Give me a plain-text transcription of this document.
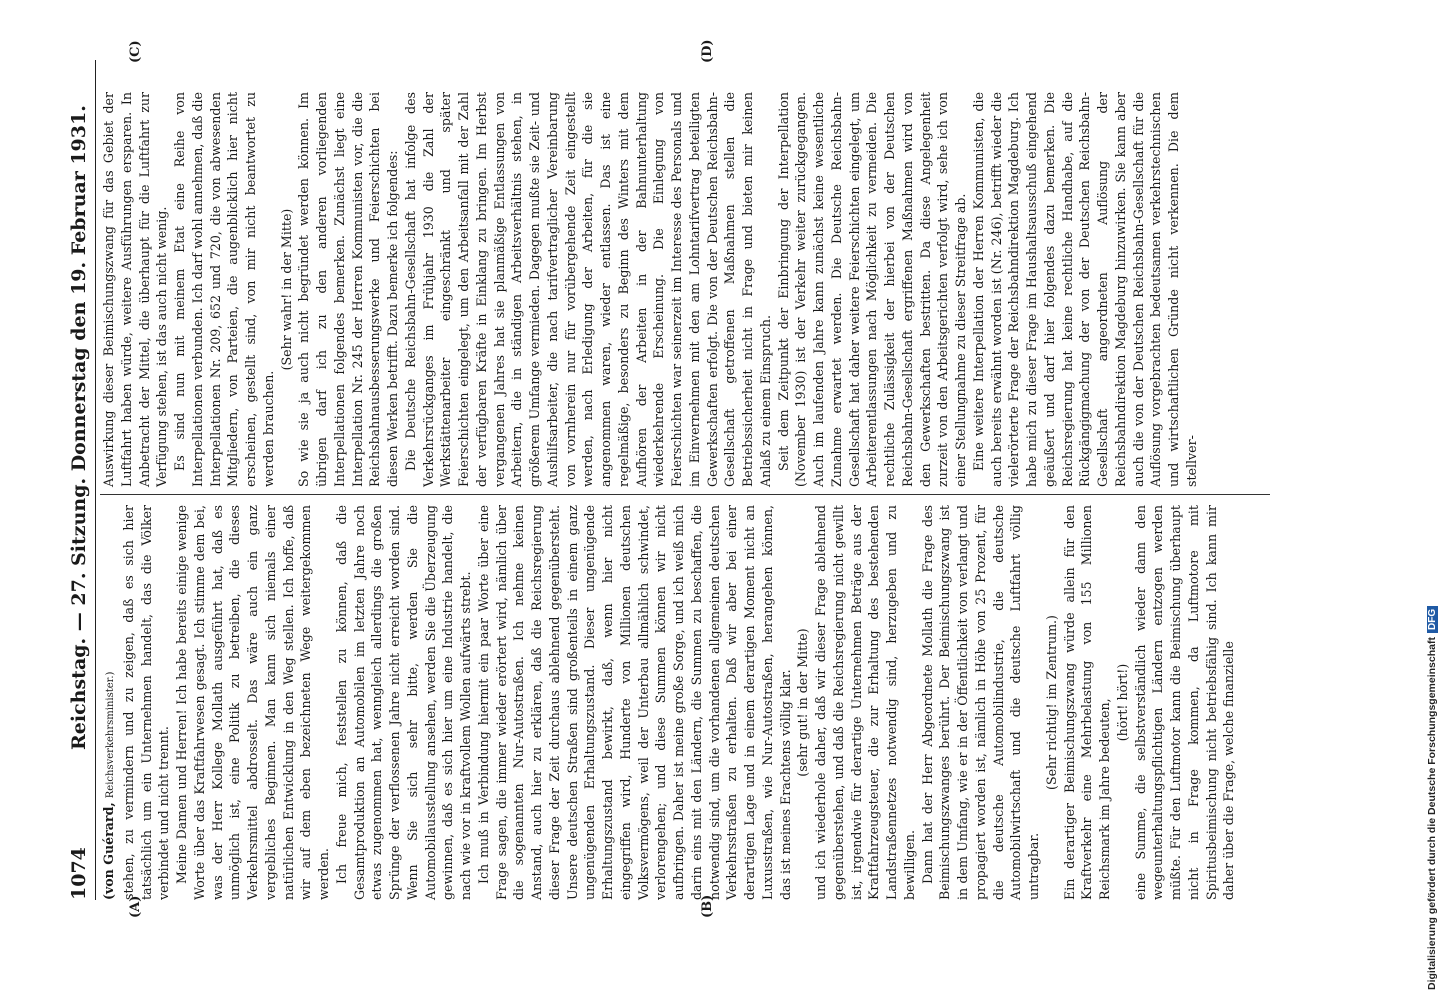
1074
Reichstag. — 27. Sitzung. Donnerstag den 19. Februar 1931.
(A)	(B)
(C)	(D)

(von Guérard, Reichsverkehrsminister.) stehen, zu vermindern und zu zeigen, daß es sich hier tatsächlich um ein Unternehmen handelt, das die Völker verbindet und nicht trennt. Meine Damen und Herren! Ich habe bereits einige wenige Worte über das Kraftfahrwesen gesagt. Ich stimme dem bei, was der Herr Kollege Mollath ausgeführt hat, daß es unmöglich ist, eine Politik zu betreiben, die dieses Verkehrsmittel abdrosselt. Das wäre auch ein ganz vergebliches Beginnen. Man kann sich niemals einer natürlichen Entwicklung in den Weg stellen. Ich hoffe, daß wir auf dem eben bezeichneten Wege weitergekommen werden. Ich freue mich, feststellen zu können, daß die Gesamtproduktion an Automobilen im letzten Jahre noch etwas zugenommen hat, wenngleich allerdings die großen Sprünge der verflossenen Jahre nicht erreicht worden sind. Wenn Sie sich sehr bitte, werden Sie die Automobilausstellung ansehen, werden Sie die Überzeugung gewinnen, daß es sich hier um eine Industrie handelt, die nach wie vor in kraftvollem Wollen aufwärts strebt. Ich muß in Verbindung hiermit ein paar Worte über eine Frage sagen, die immer wieder erörtert wird, nämlich über die sogenannten Nur-Autostraßen. Ich nehme keinen Anstand, auch hier zu erklären, daß die Reichsregierung dieser Frage der Zeit durchaus ablehnend gegenübersteht. Unsere deutschen Straßen sind großenteils in einem ganz ungenügenden Erhaltungszustand. Dieser ungenügende Erhaltungszustand bewirkt, daß, wenn hier nicht eingegriffen wird, Hunderte von Millionen deutschen Volksvermögens, weil der Unterbau allmählich schwindet, verlorengehen; und diese Summen können wir nicht aufbringen. Daher ist meine große Sorge, und ich weiß mich darin eins mit den Ländern, die Summen zu beschaffen, die notwendig sind, um die vorhandenen allgemeinen deutschen Verkehrsstraßen zu erhalten. Daß wir aber bei einer derartigen Lage und in einem derartigen Moment nicht an Luxusstraßen, wie Nur-Autostraßen, herangehen können, das ist meines Erachtens völlig klar. (sehr gut! in der Mitte) und ich wiederhole daher, daß wir dieser Frage ablehnend gegenüberstehen, und daß die Reichsregierung nicht gewillt ist, irgendwie für derartige Unternehmen Beträge aus der Kraftfahrzeugsteuer, die zur Erhaltung des bestehenden Landstraßennetzes notwendig sind, herzugeben und zu bewilligen. Dann hat der Herr Abgeordnete Mollath die Frage des Beimischungszwanges berührt. Der Beimischungszwang ist in dem Umfang, wie er in der Öffentlichkeit von verlangt und propagiert worden ist, nämlich in Höhe von 25 Prozent, für die deutsche Automobilindustrie, die deutsche Automobilwirtschaft und die deutsche Luftfahrt völlig untragbar.

(Sehr richtig! im Zentrum.) Ein derartiger Beimischungszwang würde allein für den Kraftverkehr eine Mehrbelastung von 155 Millionen Reichsmark im Jahre bedeuten, (hört! hört!) eine Summe, die selbstverständlich wieder dann den wegeunterhaltungspflichtigen Ländern entzogen werden müßte. Für den Luftmotor kann die Beimischung überhaupt nicht in Frage kommen, da Luftmotore mit Spiritusbeimischung nicht betriebsfähig sind. Ich kann mir daher über die Frage, welche finanzielle

Auswirkung dieser Beimischungszwang für das Gebiet der Luftfahrt haben würde, weitere Ausführungen ersparen. In Anbetracht der Mittel, die überhaupt für die Luftfahrt zur Verfügung stehen, ist das auch nicht wenig. Es sind nun mit meinem Etat eine Reihe von Interpellationen verbunden. Ich darf wohl annehmen, daß die Interpellationen Nr. 209, 652 und 720, die von abwesenden Mitgliedern, von Parteien, die augenblicklich hier nicht erscheinen, gestellt sind, von mir nicht beantwortet zu werden brauchen.

(Sehr wahr! in der Mitte) So wie sie ja auch nicht begründet werden können. Im übrigen darf ich zu den anderen vorliegenden Interpellationen folgendes bemerken. Zunächst liegt eine Interpellation Nr. 245 der Herren Kommunisten vor, die die Reichsbahnausbesserungswerke und Feierschichten bei diesen Werken betrifft. Dazu bemerke ich folgendes: Die Deutsche Reichsbahn-Gesellschaft hat infolge des Verkehrsrückganges im Frühjahr 1930 die Zahl der Werkstättenarbeiter eingeschränkt und später Feierschichten eingelegt, um den Arbeitsanfall mit der Zahl der verfügbaren Kräfte in Einklang zu bringen. Im Herbst vergangenen Jahres hat sie planmäßige Entlassungen von Arbeitern, die in ständigen Arbeitsverhältnis stehen, in größerem Umfange vermieden. Dagegen mußte sie Zeit- und Aushilfsarbeiter, die nach tarifvertraglicher Vereinbarung von vornherein nur für vorübergehende Zeit eingestellt werden, nach Erledigung der Arbeiten, für die sie angenommen waren, wieder entlassen. Das ist eine regelmäßige, besonders zu Beginn des Winters mit dem Aufhören der Arbeiten in der Bahnunterhaltung wiederkehrende Erscheinung. Die Einlegung von Feierschichten war seinerzeit im Interesse des Personals und im Einvernehmen mit den am Lohntarifvertrag beteiligten Gewerkschaften erfolgt. Die von der Deutschen Reichsbahn-Gesellschaft getroffenen Maßnahmen stellen die Betriebssicherheit nicht in Frage und bieten mir keinen Anlaß zu einem Einspruch. Seit dem Zeitpunkt der Einbringung der Interpellation (November 1930) ist der Verkehr weiter zurückgegangen. Auch im laufenden Jahre kann zunächst keine wesentliche Zunahme erwartet werden. Die Deutsche Reichsbahn-Gesellschaft hat daher weitere Feierschichten eingelegt, um Arbeiterentlassungen nach Möglichkeit zu vermeiden. Die rechtliche Zulässigkeit der hierbei von der Deutschen Reichsbahn-Gesellschaft ergriffenen Maßnahmen wird von den Gewerkschaften bestritten. Da diese Angelegenheit zurzeit von den Arbeitsgerichten verfolgt wird, sehe ich von einer Stellungnahme zu dieser Streitfrage ab. Eine weitere Interpellation der Herren Kommunisten, die auch bereits erwähnt worden ist (Nr. 246), betrifft wieder die vielerörterte Frage der Reichsbahndirektion Magdeburg. Ich habe mich zu dieser Frage im Haushaltsausschuß eingehend geäußert und darf hier folgendes dazu bemerken. Die Reichsregierung hat keine rechtliche Handhabe, auf die Rückgängigmachung der von der Deutschen Reichsbahn-Gesellschaft angeordneten Auflösung der Reichsbahndirektion Magdeburg hinzuwirken. Sie kann aber auch die von der Deutschen Reichsbahn-Gesellschaft für die Auflösung vorgebrachten bedeutsamen verkehrstechnischen und wirtschaftlichen Gründe nicht verkennen. Die dem stellver-

Digitalisierung gefördert durch die Deutsche ForschungsgemeinschaftDFG
